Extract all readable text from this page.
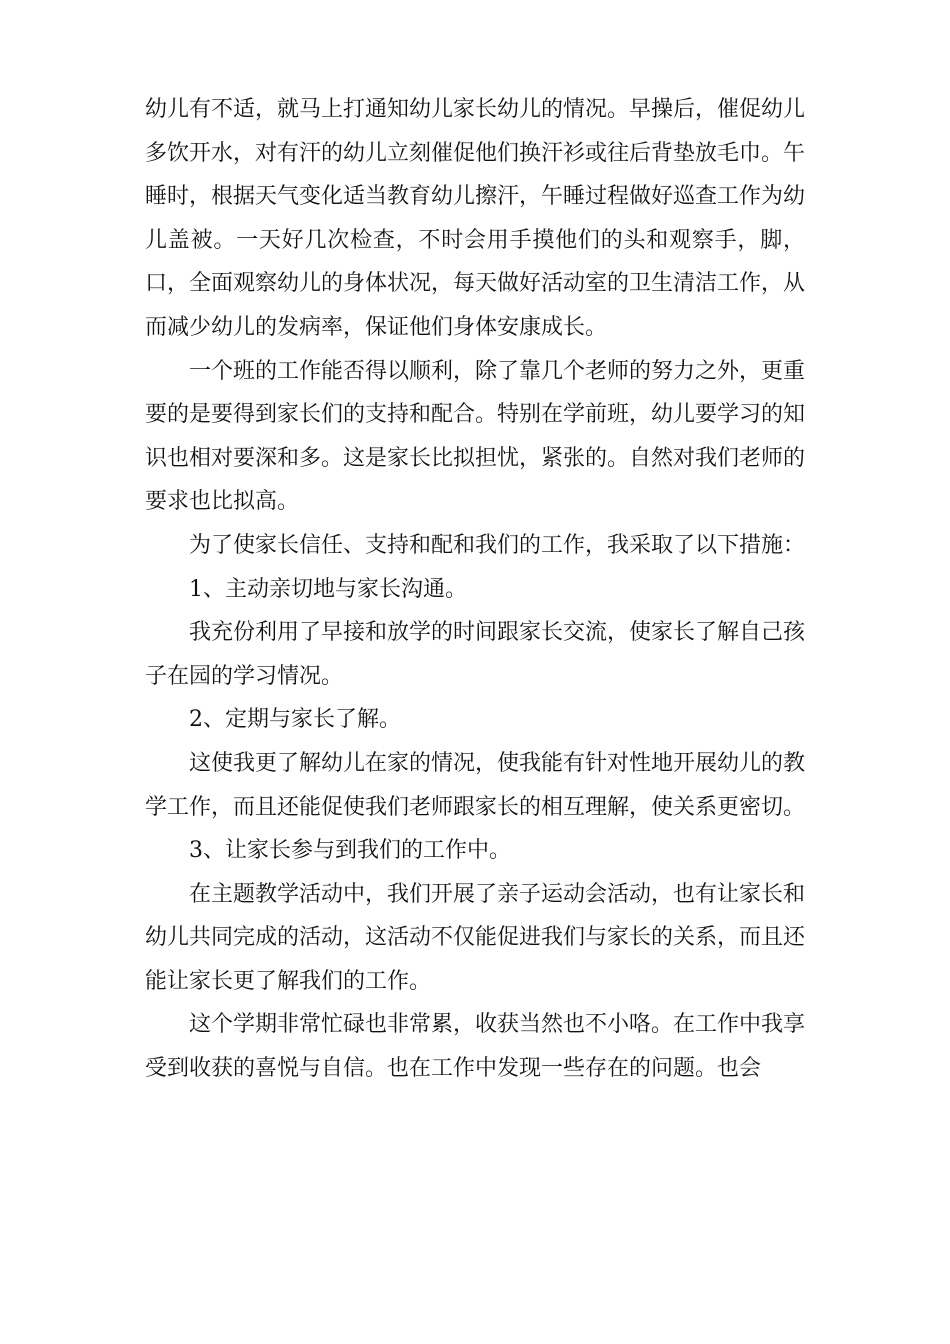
幼儿有不适，就马上打通知幼儿家长幼儿的情况。早操后，催促幼儿多饮开水，对有汗的幼儿立刻催促他们换汗衫或往后背垫放毛巾。午睡时，根据天气变化适当教育幼儿擦汗，午睡过程做好巡查工作为幼儿盖被。一天好几次检查，不时会用手摸他们的头和观察手，脚，口，全面观察幼儿的身体状况，每天做好活动室的卫生清洁工作，从而减少幼儿的发病率，保证他们身体安康成长。

一个班的工作能否得以顺利，除了靠几个老师的努力之外，更重要的是要得到家长们的支持和配合。特别在学前班，幼儿要学习的知识也相对要深和多。这是家长比拟担忧，紧张的。自然对我们老师的要求也比拟高。

为了使家长信任、支持和配和我们的工作，我采取了以下措施：

1、主动亲切地与家长沟通。

我充份利用了早接和放学的时间跟家长交流，使家长了解自己孩子在园的学习情况。

2、定期与家长了解。

这使我更了解幼儿在家的情况，使我能有针对性地开展幼儿的教学工作，而且还能促使我们老师跟家长的相互理解，使关系更密切。

3、让家长参与到我们的工作中。

在主题教学活动中，我们开展了亲子运动会活动，也有让家长和幼儿共同完成的活动，这活动不仅能促进我们与家长的关系，而且还能让家长更了解我们的工作。

这个学期非常忙碌也非常累，收获当然也不小咯。在工作中我享受到收获的喜悦与自信。也在工作中发现一些存在的问题。也会
